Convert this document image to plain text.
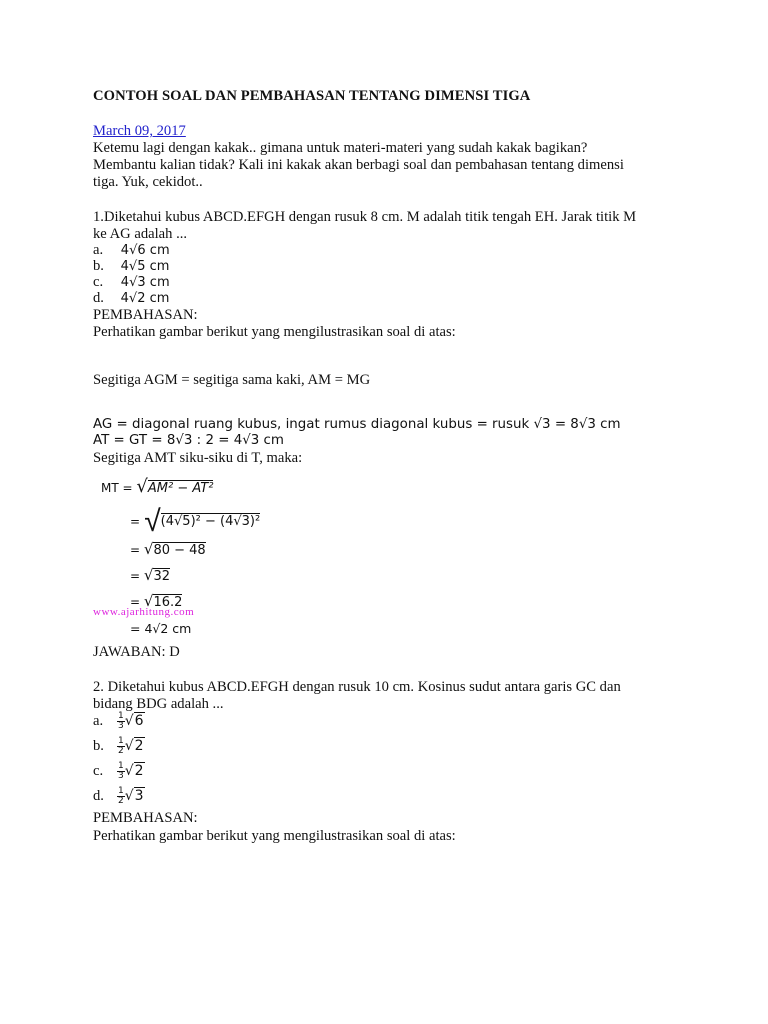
CONTOH SOAL DAN PEMBAHASAN TENTANG DIMENSI TIGA
March 09, 2017
Ketemu lagi dengan kakak.. gimana untuk materi-materi yang sudah kakak bagikan?
Membantu kalian tidak? Kali ini kakak akan berbagi soal dan pembahasan tentang dimensi
tiga. Yuk, cekidot..
1.Diketahui kubus ABCD.EFGH dengan rusuk 8 cm. M adalah titik tengah EH. Jarak titik M
ke AG adalah ...
a. 4√6 cm
b. 4√5 cm
c. 4√3 cm
d. 4√2 cm
PEMBAHASAN:
Perhatikan gambar berikut yang mengilustrasikan soal di atas:
Segitiga AGM = segitiga sama kaki, AM = MG
AG = diagonal ruang kubus, ingat rumus diagonal kubus = rusuk √3 = 8√3 cm
AT = GT = 8√3 : 2 = 4√3 cm
Segitiga AMT siku-siku di T, maka:
MT = √AM² − AT²
= √(4√5)² − (4√3)²
= √80 − 48
= √32
= √16.2
www.ajarhitung.com
= 4√2 cm
JAWABAN: D
2. Diketahui kubus ABCD.EFGH dengan rusuk 10 cm. Kosinus sudut antara garis GC dan
bidang BDG adalah ...
a. $\frac{1}{3} √6$
b. $\frac{1}{2} √2$
c. $\frac{1}{3} √2$
d. $\frac{1}{2} √3$
PEMBAHASAN:
Perhatikan gambar berikut yang mengilustrasikan soal di atas:
